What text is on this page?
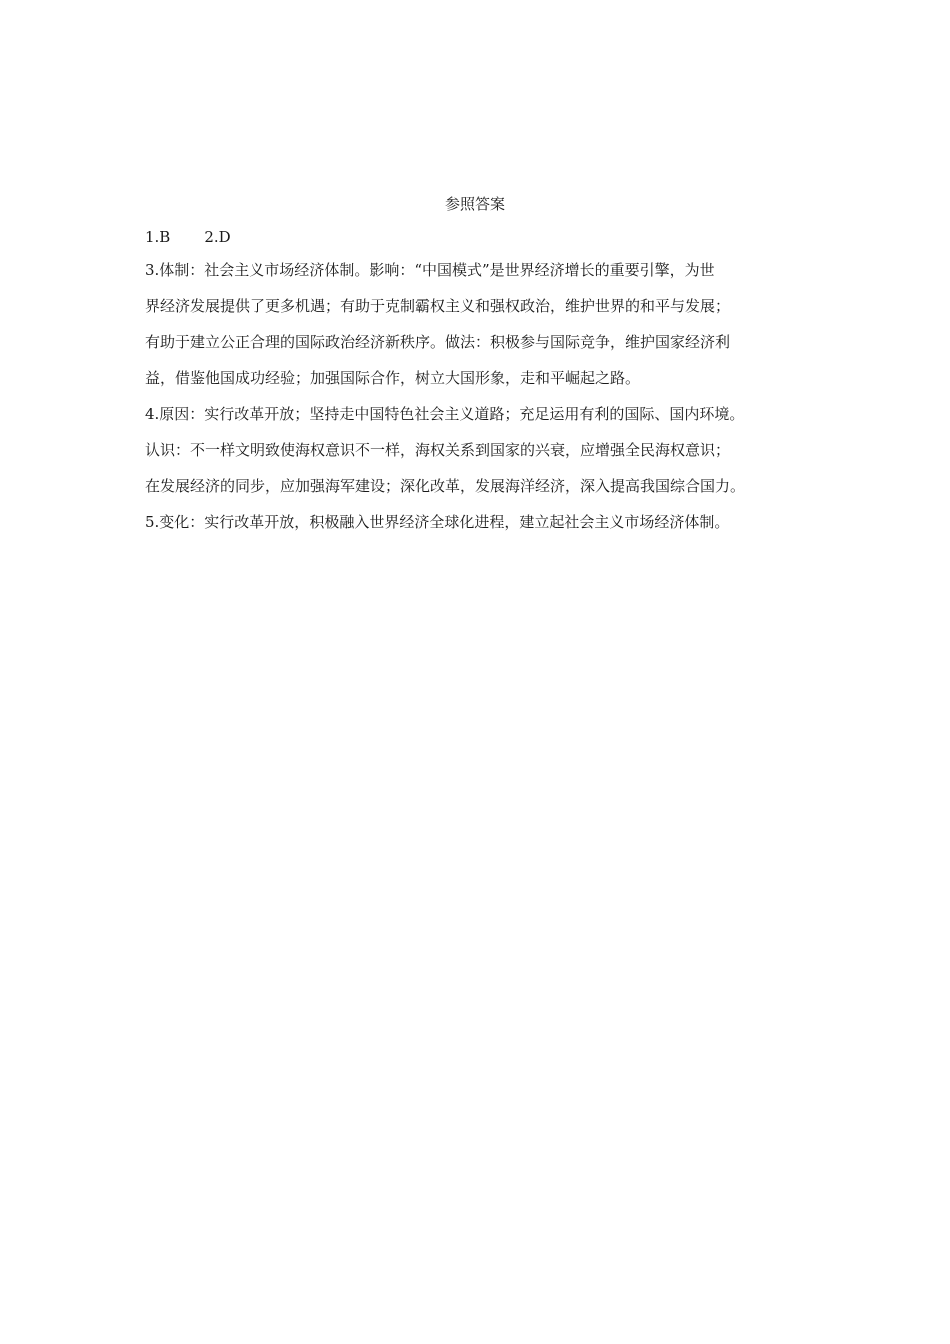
参照答案
1.B 2.D
3.体制：社会主义市场经济体制。影响：“中国模式”是世界经济增长的重要引擎，为世
界经济发展提供了更多机遇；有助于克制霸权主义和强权政治，维护世界的和平与发展；
有助于建立公正合理的国际政治经济新秩序。做法：积极参与国际竞争，维护国家经济利
益，借鉴他国成功经验；加强国际合作，树立大国形象，走和平崛起之路。
4.原因：实行改革开放；坚持走中国特色社会主义道路；充足运用有利的国际、国内环境。
认识：不一样文明致使海权意识不一样，海权关系到国家的兴衰，应增强全民海权意识；
在发展经济的同步，应加强海军建设；深化改革，发展海洋经济，深入提高我国综合国力。
5.变化：实行改革开放，积极融入世界经济全球化进程，建立起社会主义市场经济体制。
